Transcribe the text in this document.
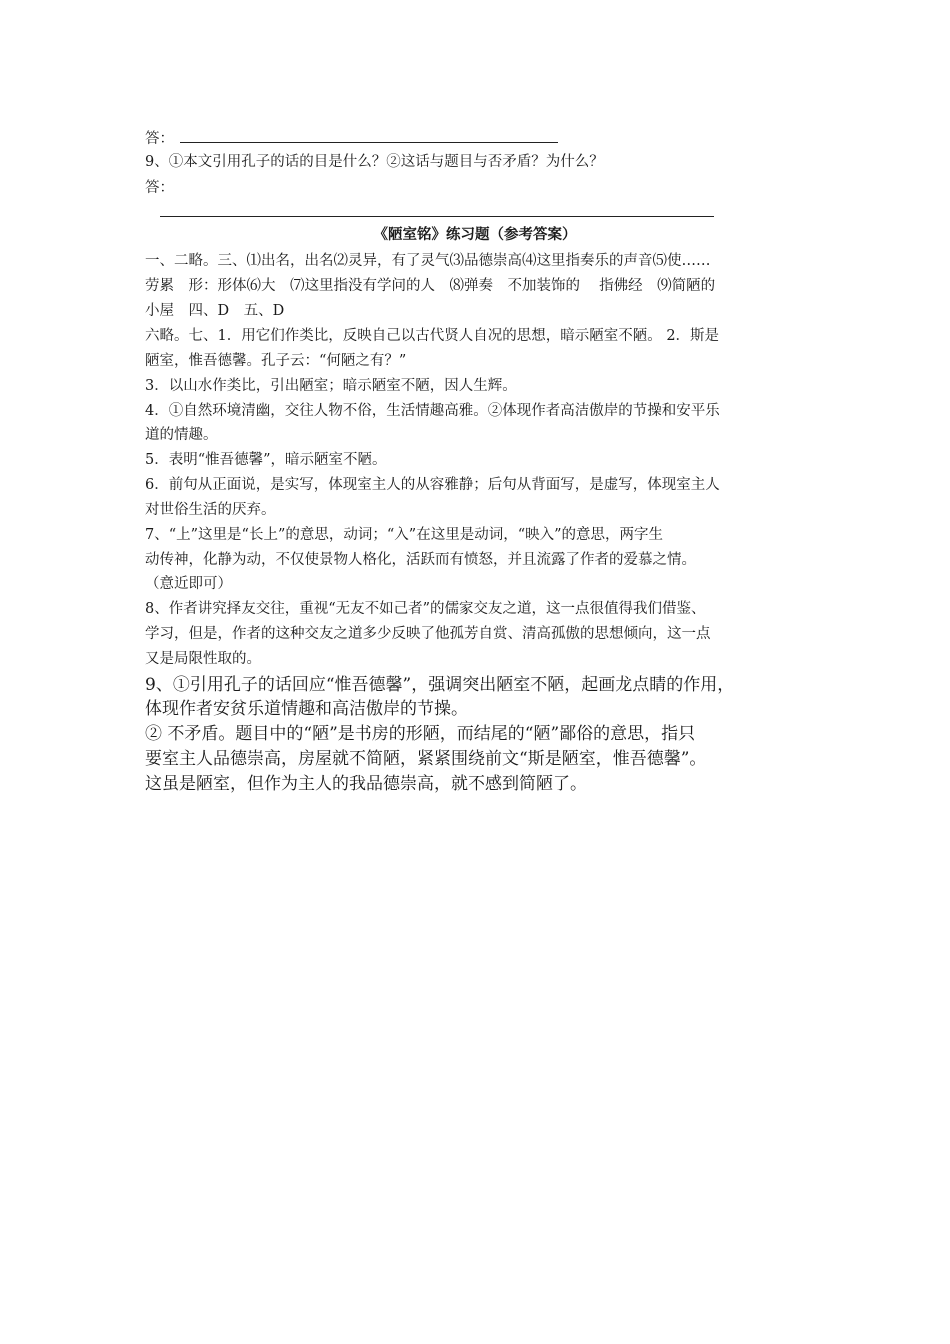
答：
9、①本文引用孔子的话的目是什么？②这话与题目与否矛盾？为什么？
答：
《陋室铭》练习题（参考答案）
一、二略。三、⑴出名，出名⑵灵异，有了灵气⑶品德崇高⑷这里指奏乐的声音⑸使……
劳累　形：形体⑹大　⑺这里指没有学问的人　⑻弹奏　不加装饰的　 指佛经　⑼简陋的
小屋　四、D　五、D
六略。七、1．用它们作类比，反映自己以古代贤人自况的思想，暗示陋室不陋。 2．斯是
陋室，惟吾德馨。孔子云：“何陋之有？”
3．以山水作类比，引出陋室；暗示陋室不陋，因人生辉。
4．①自然环境清幽，交往人物不俗，生活情趣高雅。②体现作者高洁傲岸的节操和安平乐
道的情趣。
5．表明“惟吾德馨”，暗示陋室不陋。
6．前句从正面说，是实写，体现室主人的从容雅静；后句从背面写，是虚写，体现室主人
对世俗生活的厌弃。
7、“上”这里是“长上”的意思，动词；“入”在这里是动词，“映入”的意思，两字生
动传神，化静为动，不仅使景物人格化，活跃而有愤怒，并且流露了作者的爱慕之情。
（意近即可）
8、作者讲究择友交往，重视“无友不如己者”的儒家交友之道，这一点很值得我们借鉴、
学习，但是，作者的这种交友之道多少反映了他孤芳自赏、清高孤傲的思想倾向，这一点
又是局限性取的。
9、①引用孔子的话回应“惟吾德馨”，强调突出陋室不陋，起画龙点睛的作用，
体现作者安贫乐道情趣和高洁傲岸的节操。
② 不矛盾。题目中的“陋”是书房的形陋，而结尾的“陋”鄙俗的意思，指只
要室主人品德崇高，房屋就不简陋，紧紧围绕前文“斯是陋室，惟吾德馨”。
这虽是陋室，但作为主人的我品德崇高，就不感到简陋了。
